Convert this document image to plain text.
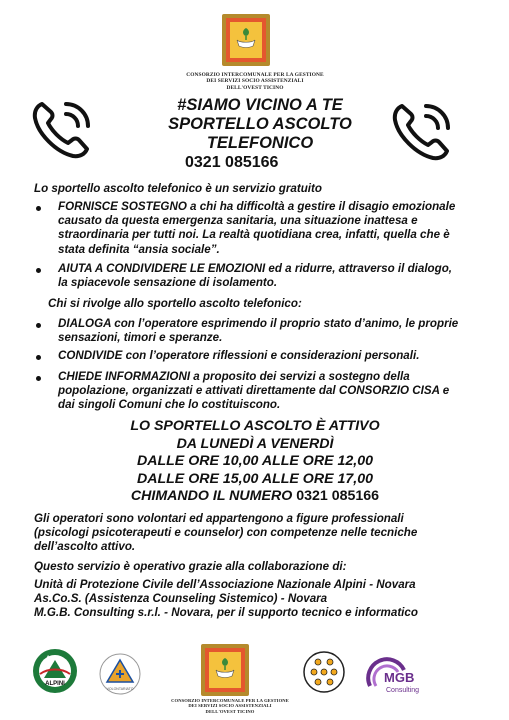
CONSORZIO INTERCOMUNALE PER LA GESTIONE
DEI SERVIZI SOCIO ASSISTENZIALI
DELL'OVEST TICINO
#SIAMO VICINO A TE
SPORTELLO ASCOLTO
TELEFONICO
0321 085166
Lo sportello ascolto telefonico è un servizio gratuito
FORNISCE SOSTEGNO a chi ha difficoltà a gestire il disagio emozionale
causato da questa emergenza sanitaria, una situazione inattesa e
straordinaria per tutti noi. La realtà quotidiana crea, infatti, quella che è
stata definita “ansia sociale”.
AIUTA A CONDIVIDERE LE EMOZIONI ed a ridurre, attraverso il dialogo,
la spiacevole sensazione di isolamento.
Chi si rivolge allo sportello ascolto telefonico:
DIALOGA con l’operatore esprimendo il proprio stato d’animo, le proprie
sensazioni, timori e speranze.
CONDIVIDE con l’operatore riflessioni e considerazioni personali.
CHIEDE INFORMAZIONI a proposito dei servizi a sostegno della
popolazione, organizzati e attivati direttamente dal CONSORZIO CISA e
dai singoli Comuni che lo costituiscono.
LO SPORTELLO ASCOLTO È ATTIVO
DA LUNEDÌ A VENERDÌ
DALLE ORE 10,00 ALLE ORE 12,00
DALLE ORE 15,00 ALLE ORE 17,00
CHIMANDO IL NUMERO 0321 085166
Gli operatori sono volontari ed appartengono a figure professionali
(psicologi psicoterapeuti e counselor) con competenze nelle tecniche
dell’ascolto attivo.
Questo servizio è operativo grazie alla collaborazione di:
Unità di Protezione Civile dell’Associazione Nazionale Alpini - Novara
As.Co.S. (Assistenza Counseling Sistemico) - Novara
M.G.B. Consulting s.r.l. - Novara, per il supporto tecnico e informatico
ALPINI
ANA
VOLONTARIATO
CONSORZIO INTERCOMUNALE PER LA GESTIONE
DEI SERVIZI SOCIO ASSISTENZIALI
DELL'OVEST TICINO
MGB
Consulting
